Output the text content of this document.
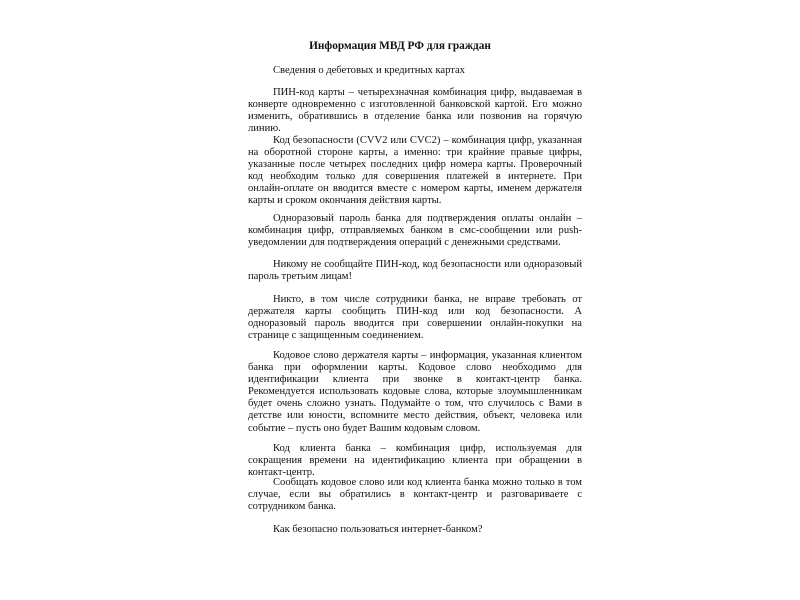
Информация МВД РФ для граждан

Сведения о дебетовых и кредитных картах

ПИН-код карты – четырехзначная комбинация цифр, выдаваемая в конверте одновременно с изготовленной банковской картой. Его можно изменить, обратившись в отделение банка или позвонив на горячую линию.

Код безопасности (CVV2 или CVC2) – комбинация цифр, указанная на оборотной стороне карты, а именно: три крайние правые цифры, указанные после четырех последних цифр номера карты. Проверочный код необходим только для совершения платежей в интернете. При онлайн-оплате он вводится вместе с номером карты, именем держателя карты и сроком окончания действия карты.

Одноразовый пароль банка для подтверждения оплаты онлайн – комбинация цифр, отправляемых банком в смс-сообщении или push-уведомлении для подтверждения операций с денежными средствами.

Никому не сообщайте ПИН-код, код безопасности или одноразовый пароль третьим лицам!

Никто, в том числе сотрудники банка, не вправе требовать от держателя карты сообщить ПИН-код или код безопасности. А одноразовый пароль вводится при совершении онлайн-покупки на странице с защищенным соединением.

Кодовое слово держателя карты – информация, указанная клиентом банка при оформлении карты. Кодовое слово необходимо для идентификации клиента при звонке в контакт-центр банка. Рекомендуется использовать кодовые слова, которые злоумышленникам будет очень сложно узнать. Подумайте о том, что случилось с Вами в детстве или юности, вспомните место действия, объект, человека или событие – пусть оно будет Вашим кодовым словом.

Код клиента банка – комбинация цифр, используемая для сокращения времени на идентификацию клиента при обращении в контакт-центр.

Сообщать кодовое слово или код клиента банка можно только в том случае, если вы обратились в контакт-центр и разговариваете с сотрудником банка.

Как безопасно пользоваться интернет-банком?
